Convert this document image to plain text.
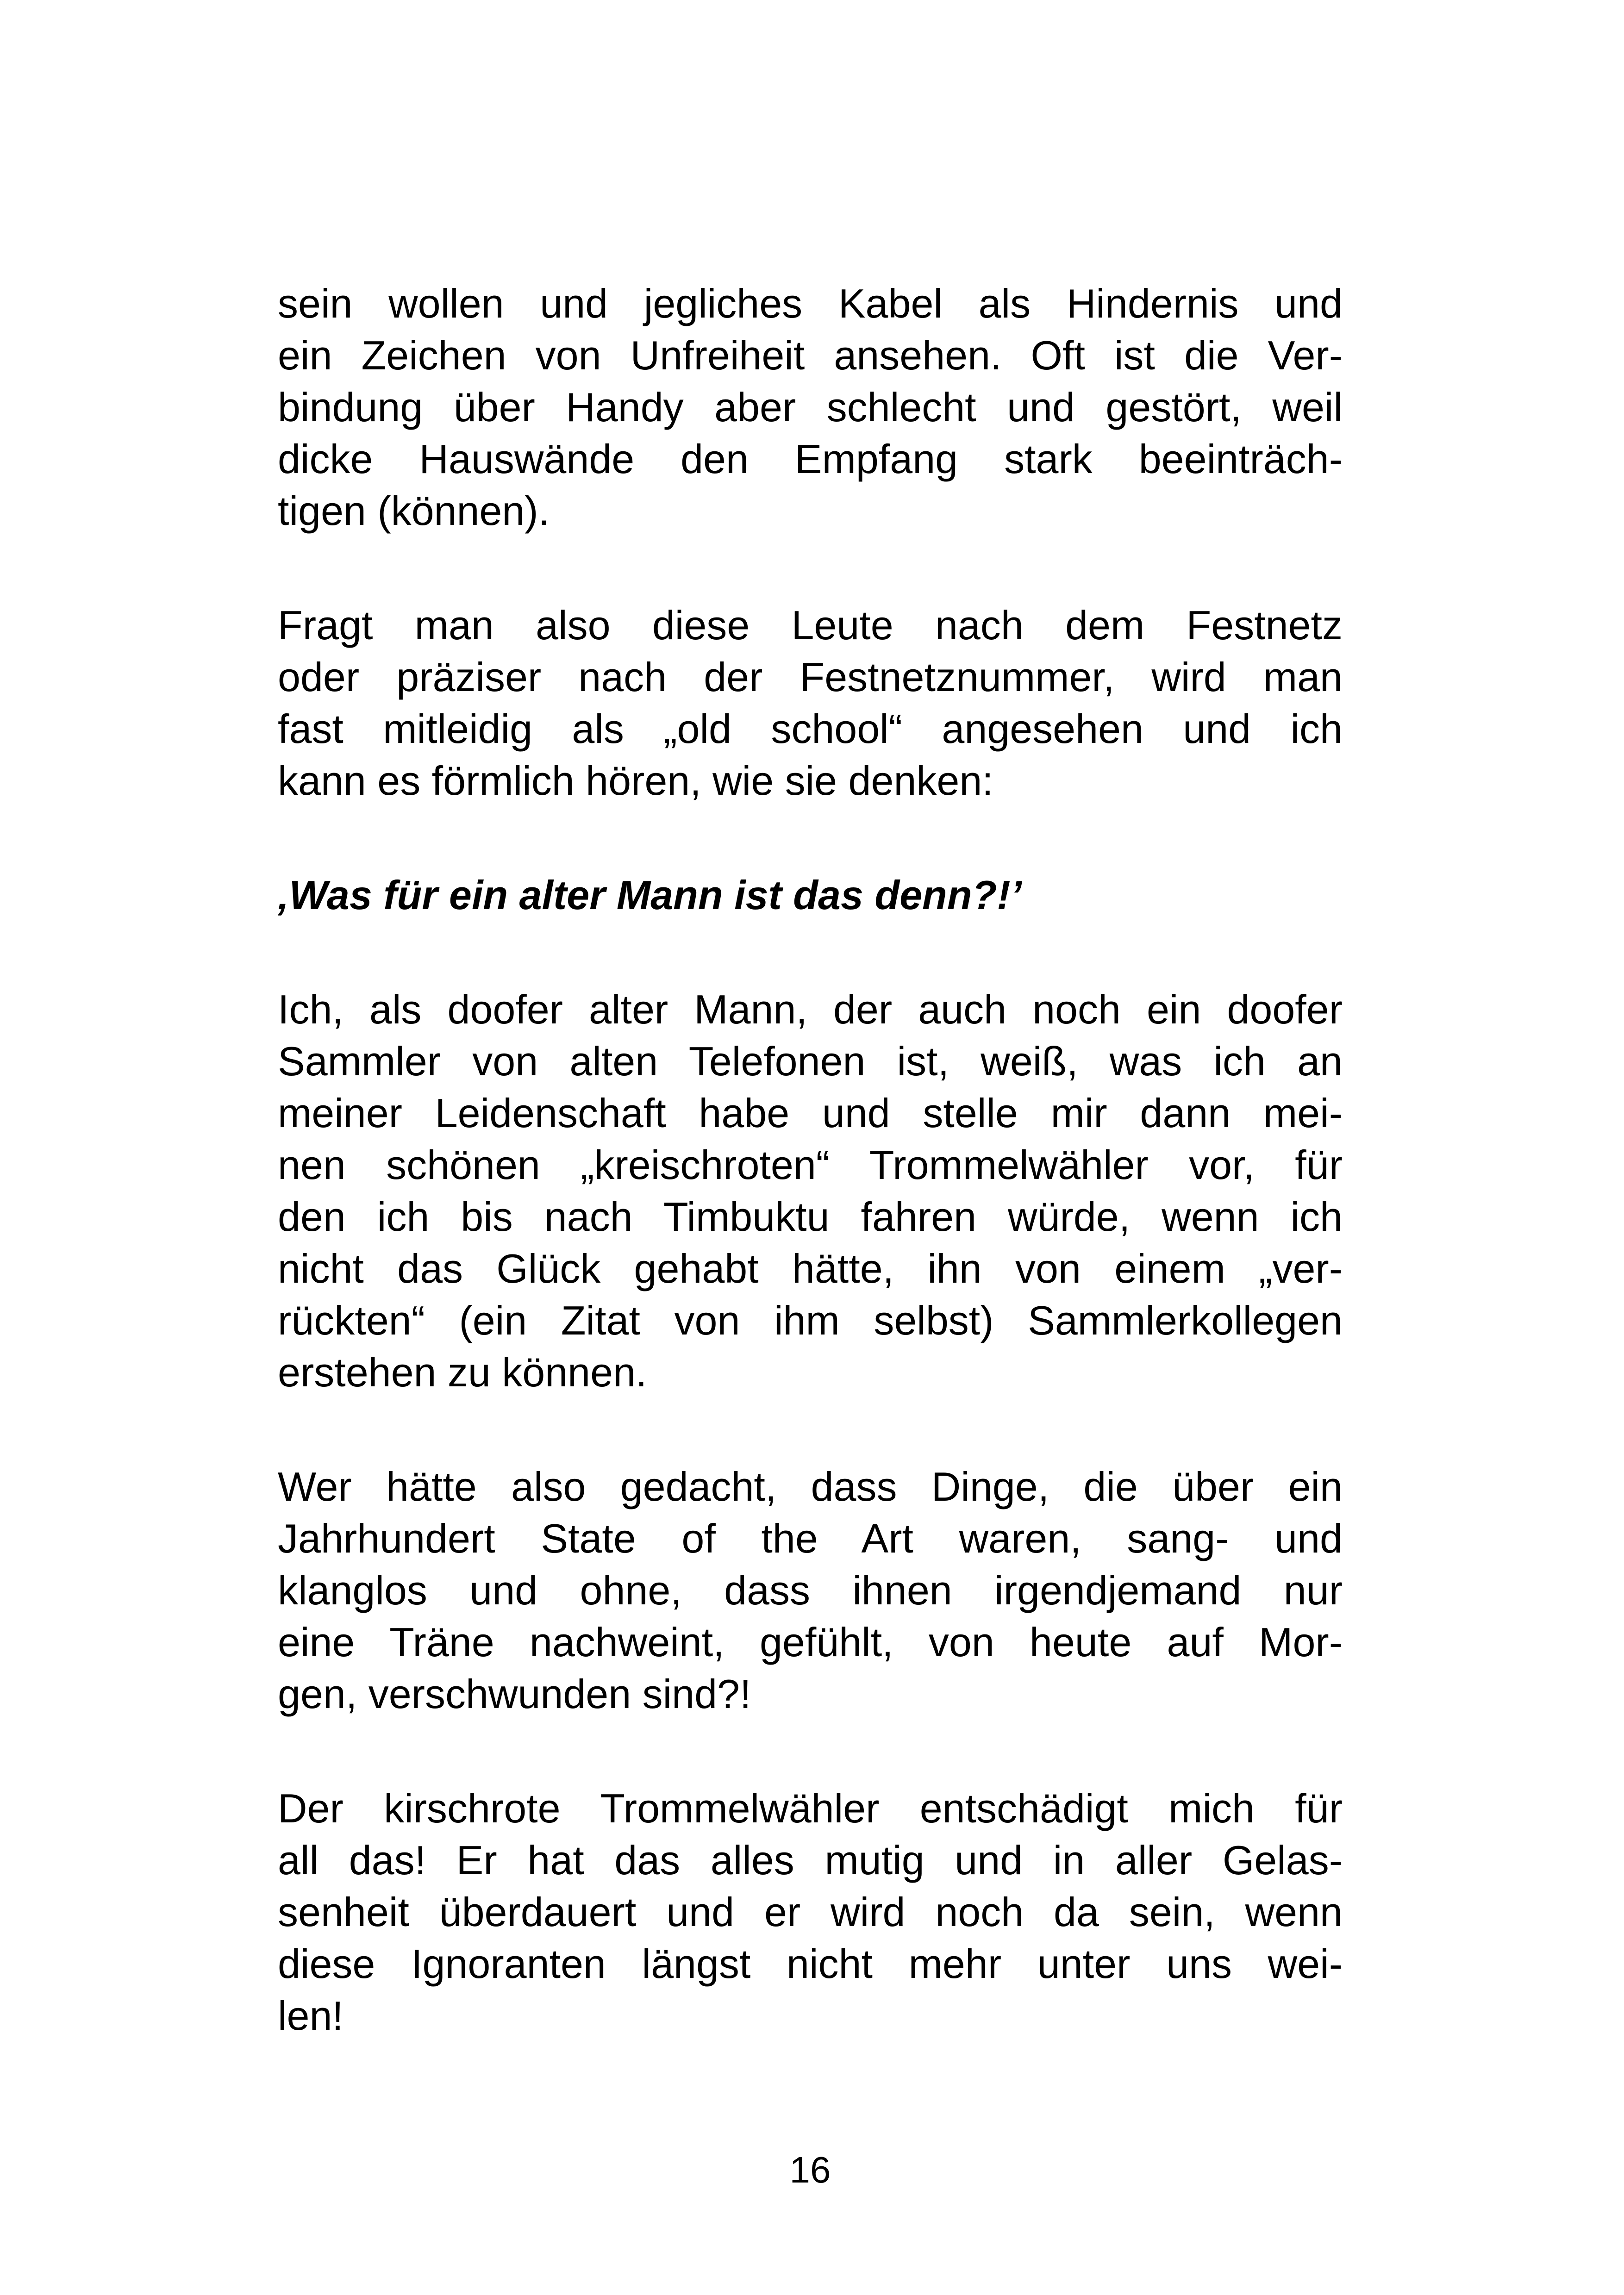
sein wollen und jegliches Kabel als Hindernis und
ein Zeichen von Unfreiheit ansehen. Oft ist die Ver-
bindung über Handy aber schlecht und gestört, weil
dicke Hauswände den Empfang stark beeinträch-
tigen (können).
Fragt man also diese Leute nach dem Festnetz
oder präziser nach der Festnetznummer, wird man
fast mitleidig als „old school“ angesehen und ich
kann es förmlich hören, wie sie denken:
‚Was für ein alter Mann ist das denn?!’
Ich, als doofer alter Mann, der auch noch ein doofer
Sammler von alten Telefonen ist, weiß, was ich an
meiner Leidenschaft habe und stelle mir dann mei-
nen schönen „kreischroten“ Trommelwähler vor, für
den ich bis nach Timbuktu fahren würde, wenn ich
nicht das Glück gehabt hätte, ihn von einem „ver-
rückten“ (ein Zitat von ihm selbst) Sammlerkollegen
erstehen zu können.
Wer hätte also gedacht, dass Dinge, die über ein
Jahrhundert State of the Art waren, sang- und
klanglos und ohne, dass ihnen irgendjemand nur
eine Träne nachweint, gefühlt, von heute auf Mor-
gen, verschwunden sind?!
Der kirschrote Trommelwähler entschädigt mich für
all das! Er hat das alles mutig und in aller Gelas-
senheit überdauert und er wird noch da sein, wenn
diese Ignoranten längst nicht mehr unter uns wei-
len!
16
